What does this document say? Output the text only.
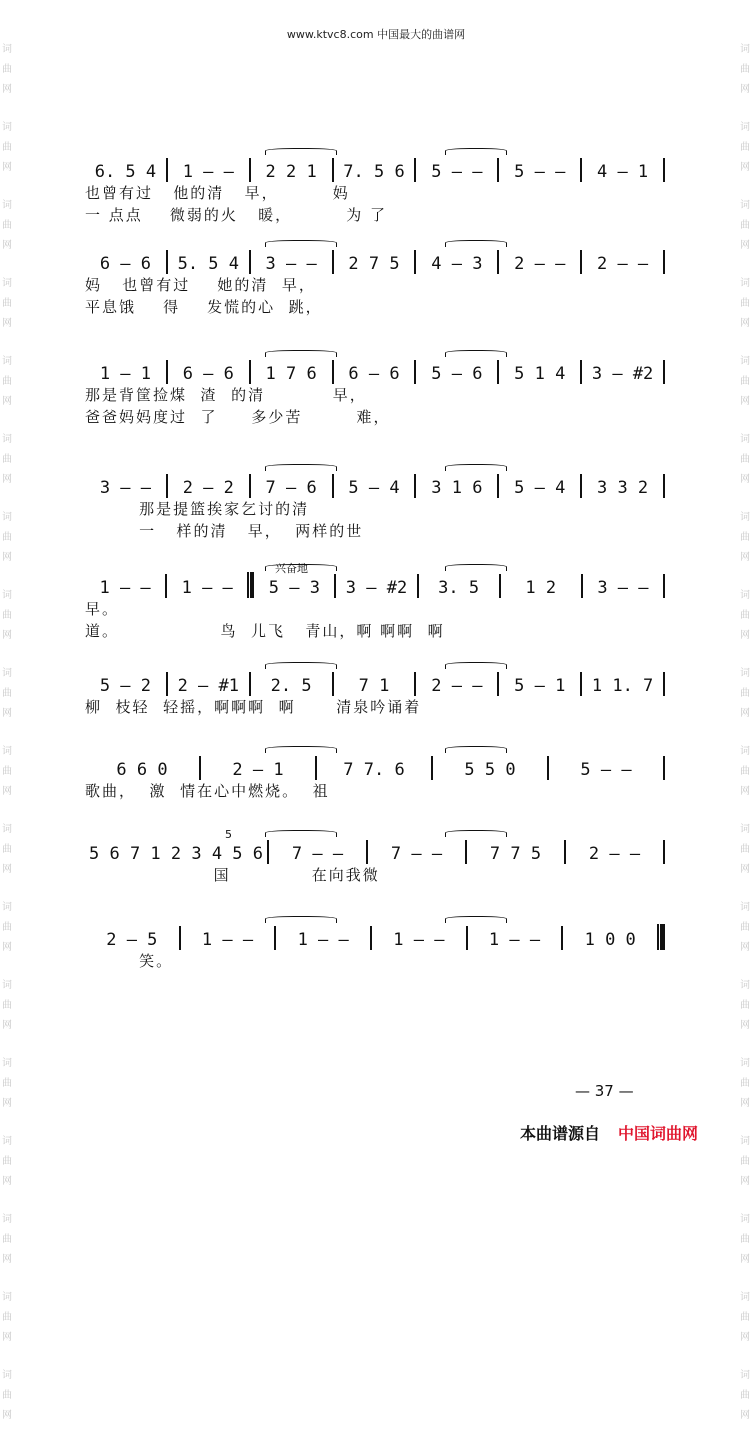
词
曲
网
词
曲
网
词
曲
网
词
曲
网
词
曲
网
词
曲
网
词
曲
网
词
曲
网
词
曲
网
词
曲
网
词
曲
网
词
曲
网
词
曲
网
词
曲
网
词
曲
网
词
曲
网
词
曲
网
词
曲
网
词
曲
网
词
曲
网
词
曲
网
词
曲
网
词
曲
网
词
曲
网
词
曲
网
词
曲
网
词
曲
网
词
曲
网
词
曲
网
词
曲
网
词
曲
网
词
曲
网
词
曲
网
词
曲
网
词
曲
网
词
曲
网
www.ktvc8.com 中国最大的曲谱网
6. 5 4	1 — —	2 2 1	7. 5 6	5 — —	5 — —	4 — 1
也曾有过   他的清   早，        妈
一 点点    微弱的火   暖，        为 了
6 — 6	5. 5 4	3 — —	2 7 5	4 — 3	2 — —	2 — —
妈   也曾有过    她的清  早，
平息饿    得    发慌的心  跳，
1 — 1	6 — 6	1 7 6	6 — 6	5 — 6	5 1 4	3 — #2
那是背筐捡煤  渣  的清          早，
爸爸妈妈度过  了     多少苦        难，
3 — —	2 — 2	7 — 6	5 — 4	3 1 6	5 — 4	3 3 2
那是提篮挨家乞讨的清
一   样的清   早，  两样的世
1 — —	1 — —	5 — 3	3 — #2	3. 5	1 2	3 — —
早。
道。               鸟  儿飞   青山，啊 啊啊  啊
兴奋地
5 — 2	2 — #1	2. 5	7 1	2 — —	5 — 1	1 1. 7
柳  枝轻  轻摇，啊啊啊  啊      清泉吟诵着
6 6 0	2 — 1	7 7. 6	5 5 0	5 — —
歌曲，  激  情在心中燃烧。  祖
5 6 7 1 2 3 4 5 6	7 — —	7 — —	7 7 5	2 — —
国            在向我微
5
2 — 5	1 — —	1 — —	1 — —	1 — —	1 0 0
笑。
— 37 —
本曲谱源自 中国词曲网
